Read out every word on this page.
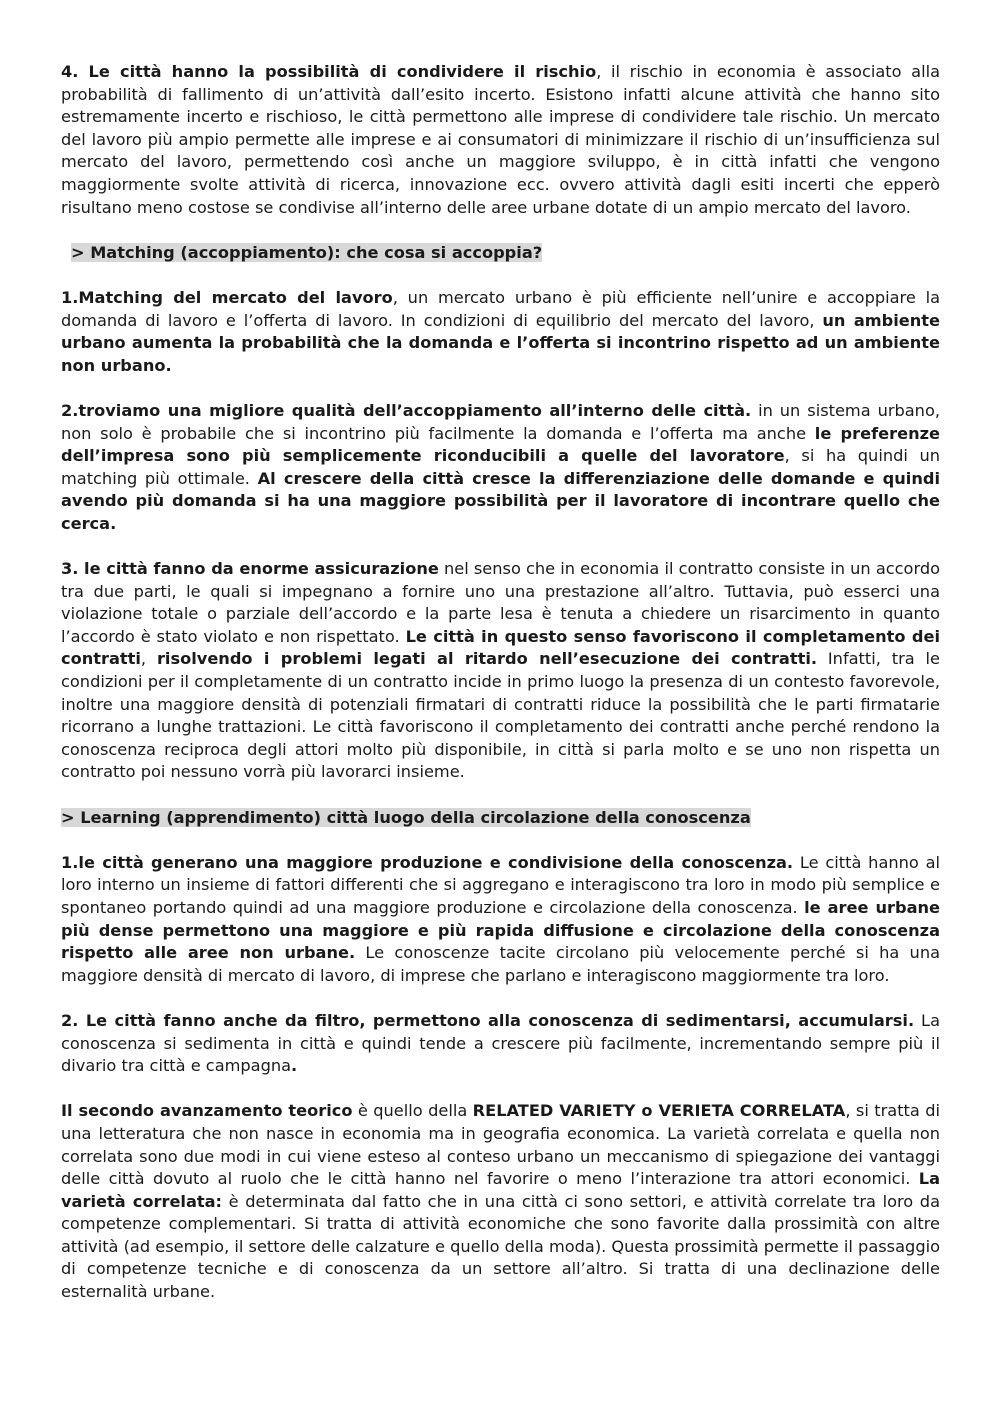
4. Le città hanno la possibilità di condividere il rischio, il rischio in economia è associato alla probabilità di fallimento di un’attività dall’esito incerto. Esistono infatti alcune attività che hanno sito estremamente incerto e rischioso, le città permettono alle imprese di condividere tale rischio. Un mercato del lavoro più ampio permette alle imprese e ai consumatori di minimizzare il rischio di un’insufficienza sul mercato del lavoro, permettendo così anche un maggiore sviluppo, è in città infatti che vengono maggiormente svolte attività di ricerca, innovazione ecc. ovvero attività dagli esiti incerti che epperò risultano meno costose se condivise all’interno delle aree urbane dotate di un ampio mercato del lavoro.

> Matching (accoppiamento): che cosa si accoppia?

1.Matching del mercato del lavoro, un mercato urbano è più efficiente nell’unire e accoppiare la domanda di lavoro e l’offerta di lavoro. In condizioni di equilibrio del mercato del lavoro, un ambiente urbano aumenta la probabilità che la domanda e l’offerta si incontrino rispetto ad un ambiente non urbano.

2.troviamo una migliore qualità dell’accoppiamento all’interno delle città. in un sistema urbano, non solo è probabile che si incontrino più facilmente la domanda e l’offerta ma anche le preferenze dell’impresa sono più semplicemente riconducibili a quelle del lavoratore, si ha quindi un matching più ottimale. Al crescere della città cresce la differenziazione delle domande e quindi avendo più domanda si ha una maggiore possibilità per il lavoratore di incontrare quello che cerca.

3. le città fanno da enorme assicurazione nel senso che in economia il contratto consiste in un accordo tra due parti, le quali si impegnano a fornire uno una prestazione all’altro. Tuttavia, può esserci una violazione totale o parziale dell’accordo e la parte lesa è tenuta a chiedere un risarcimento in quanto l’accordo è stato violato e non rispettato. Le città in questo senso favoriscono il completamento dei contratti, risolvendo i problemi legati al ritardo nell’esecuzione dei contratti. Infatti, tra le condizioni per il completamente di un contratto incide in primo luogo la presenza di un contesto favorevole, inoltre una maggiore densità di potenziali firmatari di contratti riduce la possibilità che le parti firmatarie ricorrano a lunghe trattazioni. Le città favoriscono il completamento dei contratti anche perché rendono la conoscenza reciproca degli attori molto più disponibile, in città si parla molto e se uno non rispetta un contratto poi nessuno vorrà più lavorarci insieme.

> Learning (apprendimento) città luogo della circolazione della conoscenza

1.le città generano una maggiore produzione e condivisione della conoscenza. Le città hanno al loro interno un insieme di fattori differenti che si aggregano e interagiscono tra loro in modo più semplice e spontaneo portando quindi ad una maggiore produzione e circolazione della conoscenza. le aree urbane più dense permettono una maggiore e più rapida diffusione e circolazione della conoscenza rispetto alle aree non urbane. Le conoscenze tacite circolano più velocemente perché si ha una maggiore densità di mercato di lavoro, di imprese che parlano e interagiscono maggiormente tra loro.

2. Le città fanno anche da filtro, permettono alla conoscenza di sedimentarsi, accumularsi. La conoscenza si sedimenta in città e quindi tende a crescere più facilmente, incrementando sempre più il divario tra città e campagna.

Il secondo avanzamento teorico è quello della RELATED VARIETY o VERIETA CORRELATA, si tratta di una letteratura che non nasce in economia ma in geografia economica. La varietà correlata e quella non correlata sono due modi in cui viene esteso al conteso urbano un meccanismo di spiegazione dei vantaggi delle città dovuto al ruolo che le città hanno nel favorire o meno l’interazione tra attori economici. La varietà correlata: è determinata dal fatto che in una città ci sono settori, e attività correlate tra loro da competenze complementari. Si tratta di attività economiche che sono favorite dalla prossimità con altre attività (ad esempio, il settore delle calzature e quello della moda). Questa prossimità permette il passaggio di competenze tecniche e di conoscenza da un settore all’altro. Si tratta di una declinazione delle esternalità urbane.
